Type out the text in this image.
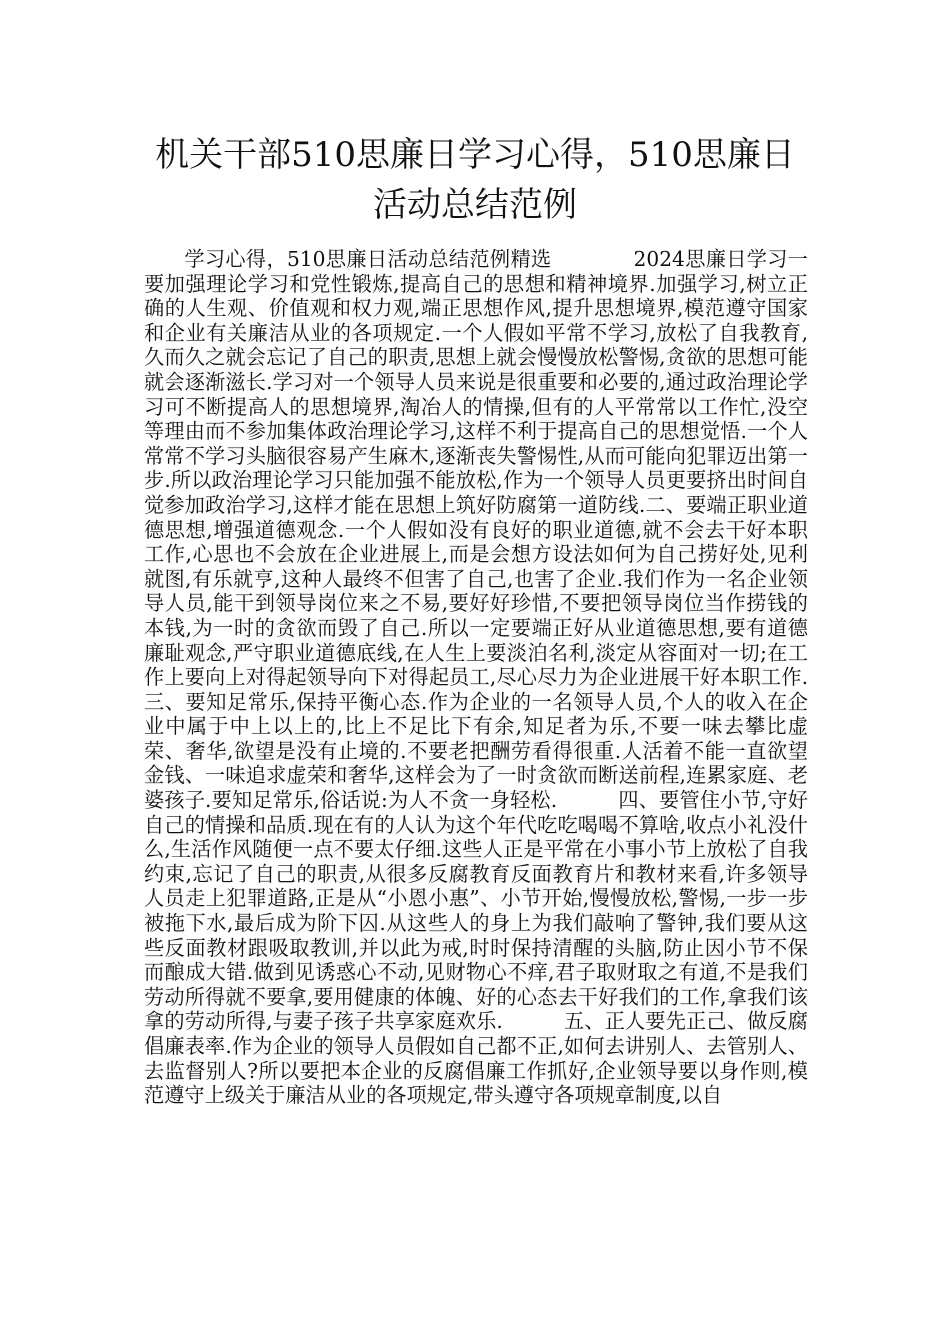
机关干部510思廉日学习心得，510思廉日活动总结范例

学习心得，510思廉日活动总结范例精选　　　　2024思廉日学习一要加强理论学习和党性锻炼,提高自己的思想和精神境界.加强学习,树立正确的人生观、价值观和权力观,端正思想作风,提升思想境界,模范遵守国家和企业有关廉洁从业的各项规定.一个人假如平常不学习,放松了自我教育,久而久之就会忘记了自己的职责,思想上就会慢慢放松警惕,贪欲的思想可能就会逐渐滋长.学习对一个领导人员来说是很重要和必要的,通过政治理论学习可不断提高人的思想境界,淘冶人的情操,但有的人平常常以工作忙,没空等理由而不参加集体政治理论学习,这样不利于提高自己的思想觉悟.一个人常常不学习头脑很容易产生麻木,逐渐丧失警惕性,从而可能向犯罪迈出第一步.所以政治理论学习只能加强不能放松,作为一个领导人员更要挤出时间自觉参加政治学习,这样才能在思想上筑好防腐第一道防线.二、要端正职业道德思想,增强道德观念.一个人假如没有良好的职业道德,就不会去干好本职工作,心思也不会放在企业进展上,而是会想方设法如何为自己捞好处,见利就图,有乐就亨,这种人最终不但害了自己,也害了企业.我们作为一名企业领导人员,能干到领导岗位来之不易,要好好珍惜,不要把领导岗位当作捞钱的本钱,为一时的贪欲而毁了自己.所以一定要端正好从业道德思想,要有道德廉耻观念,严守职业道德底线,在人生上要淡泊名利,淡定从容面对一切;在工作上要向上对得起领导向下对得起员工,尽心尽力为企业进展干好本职工作.　　　三、要知足常乐,保持平衡心态.作为企业的一名领导人员,个人的收入在企业中属于中上以上的,比上不足比下有余,知足者为乐,不要一味去攀比虚荣、奢华,欲望是没有止境的.不要老把酬劳看得很重.人活着不能一直欲望金钱、一味追求虚荣和奢华,这样会为了一时贪欲而断送前程,连累家庭、老婆孩子.要知足常乐,俗话说:为人不贪一身轻松.　　　四、要管住小节,守好自己的情操和品质.现在有的人认为这个年代吃吃喝喝不算啥,收点小礼没什么,生活作风随便一点不要太仔细.这些人正是平常在小事小节上放松了自我约束,忘记了自己的职责,从很多反腐教育反面教育片和教材来看,许多领导人员走上犯罪道路,正是从“小恩小惠”、小节开始,慢慢放松,警惕,一步一步被拖下水,最后成为阶下囚.从这些人的身上为我们敲响了警钟,我们要从这些反面教材跟吸取教训,并以此为戒,时时保持清醒的头脑,防止因小节不保而酿成大错.做到见诱惑心不动,见财物心不痒,君子取财取之有道,不是我们劳动所得就不要拿,要用健康的体魄、好的心态去干好我们的工作,拿我们该拿的劳动所得,与妻子孩子共享家庭欢乐.　　　五、正人要先正己、做反腐倡廉表率.作为企业的领导人员假如自己都不正,如何去讲别人、去管别人、去监督别人?所以要把本企业的反腐倡廉工作抓好,企业领导要以身作则,模范遵守上级关于廉洁从业的各项规定,带头遵守各项规章制度,以自
